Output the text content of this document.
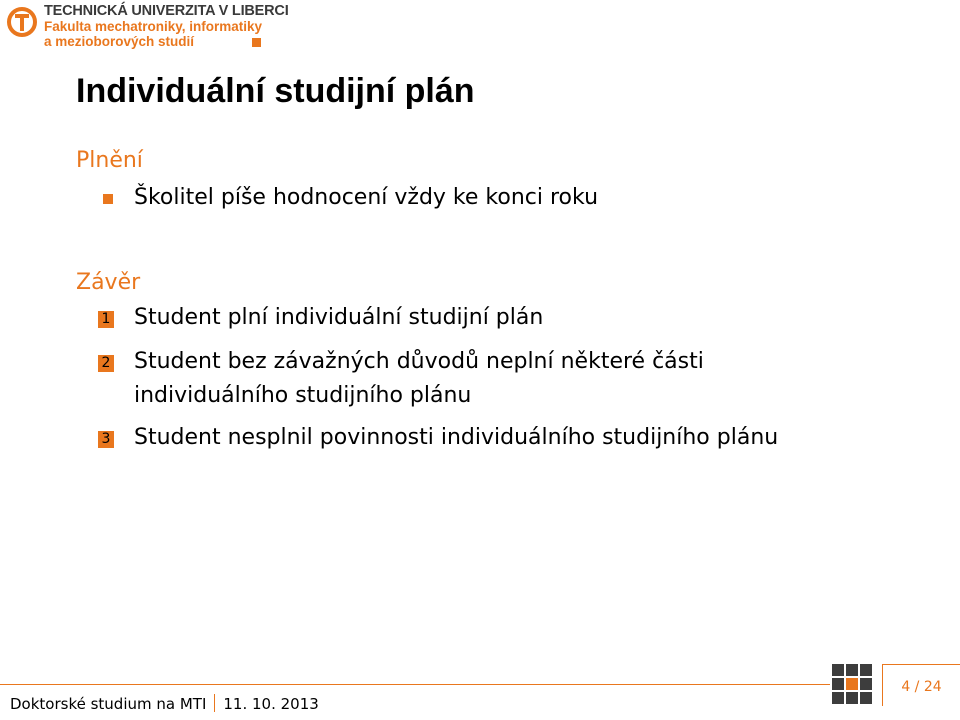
TECHNICKÁ UNIVERZITA V LIBERCI
Fakulta mechatroniky, informatiky
a mezioborových studií
Individuální studijní plán
Plnění
Školitel píše hodnocení vždy ke konci roku
Závěr
1 Student plní individuální studijní plán
2 Student bez závažných důvodů neplní některé části
individuálního studijního plánu
3 Student nesplnil povinnosti individuálního studijního plánu
Doktorské studium na MTI 11. 10. 2013
4 / 24
